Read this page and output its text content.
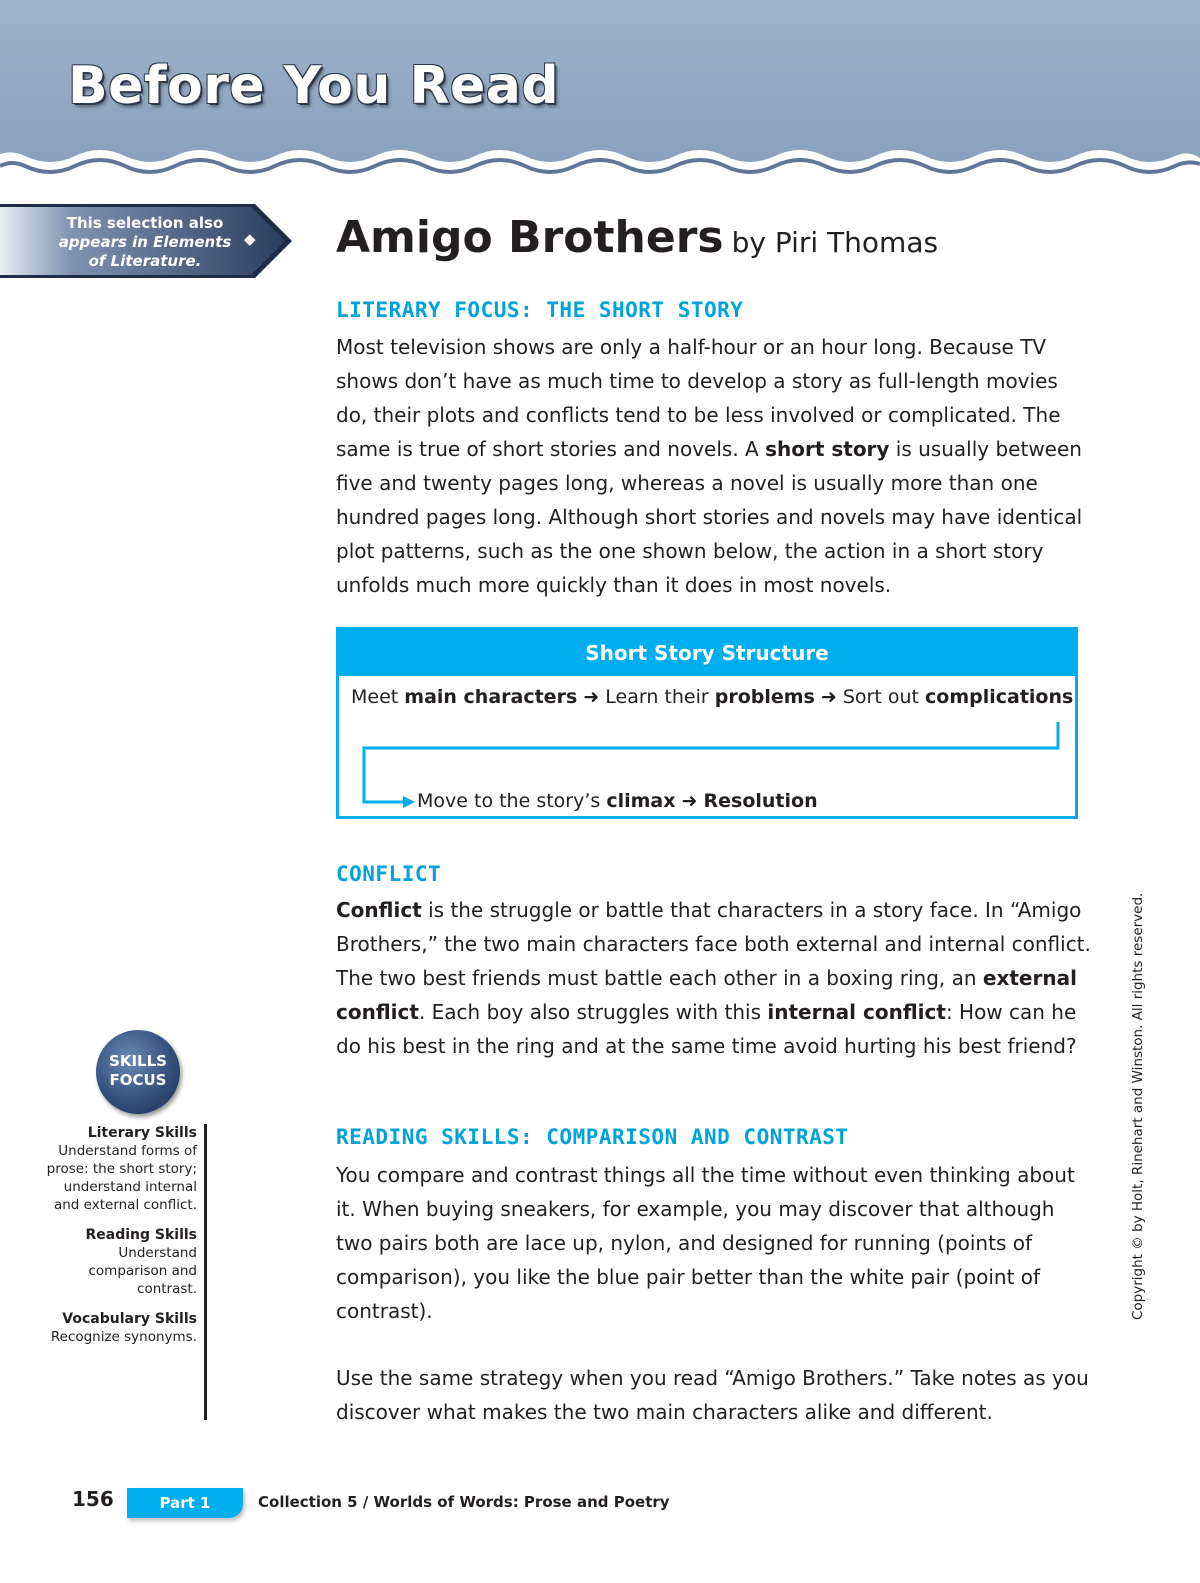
Before You Read
This selection also
appears in Elements
of Literature.
◆ Amigo Brothers by Piri Thomas
LITERARY FOCUS: THE SHORT STORY

Most television shows are only a half-hour or an hour long. Because TV shows don’t have as much time to develop a story as full-length movies do, their plots and conflicts tend to be less involved or complicated. The same is true of short stories and novels. A short story is usually between five and twenty pages long, whereas a novel is usually more than one hundred pages long. Although short stories and novels may have identical plot patterns, such as the one shown below, the action in a short story unfolds much more quickly than it does in most novels.

Short Story Structure
Meet main characters ➜ Learn their problems ➜ Sort out complications
Move to the story’s climax ➜ Resolution
CONFLICT

Conflict is the struggle or battle that characters in a story face. In “Amigo Brothers,” the two main characters face both external and internal conflict. The two best friends must battle each other in a boxing ring, an external conflict. Each boy also struggles with this internal conflict: How can he do his best in the ring and at the same time avoid hurting his best friend?

READING SKILLS: COMPARISON AND CONTRAST

You compare and contrast things all the time without even thinking about it. When buying sneakers, for example, you may discover that although two pairs both are lace up, nylon, and designed for running (points of comparison), you like the blue pair better than the white pair (point of contrast).

Use the same strategy when you read “Amigo Brothers.” Take notes as you discover what makes the two main characters alike and different.

Copyright © by Holt, Rinehart and Winston. All rights reserved.
SKILLS
FOCUS
Literary Skills
Understand forms of prose: the short story; understand internal and external conflict.
Reading Skills
Understand comparison and contrast.
Vocabulary Skills
Recognize synonyms.
156	Part 1	Collection 5 / Worlds of Words: Prose and Poetry
